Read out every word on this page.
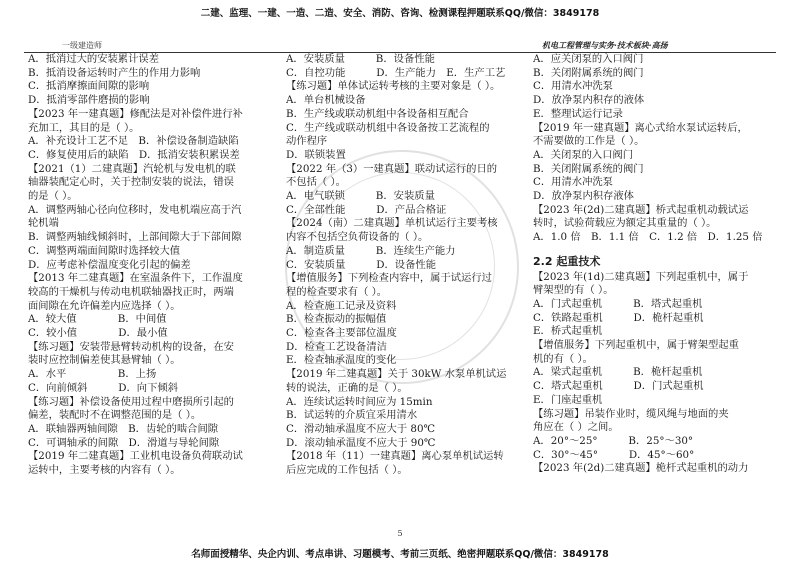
二建、监理、一建、一造、二造、安全、消防、咨询、检测课程押题联系QQ/微信：3849178
一级建造师	机电工程管理与实务·技术板块·高扬
A．抵消过大的安装累计误差
B．抵消设备运转时产生的作用力影响
C．抵消摩擦面间隙的影响
D．抵消零部件磨损的影响
【2023 年一建真题】修配法是对补偿件进行补
充加工，其目的是（ ）。
A．补充设计工艺不足　B．补偿设备制造缺陷
C．修复使用后的缺陷　D．抵消安装积累误差
【2021（1）二建真题】汽轮机与发电机的联
轴器装配定心时，关于控制安装的说法，错误
的是（ ）。
A．调整两轴心径向位移时，发电机端应高于汽
轮机端
B．调整两轴线倾斜时，上部间隙大于下部间隙
C．调整两端面间隙时选择较大值
D．应考虑补偿温度变化引起的偏差
【2013 年二建真题】在室温条件下，工作温度
较高的干燥机与传动电机联轴器找正时，两端
面间隙在允许偏差内应选择（ ）。
A．较大值　　　　B．中间值
C．较小值　　　　D．最小值
【练习题】安装带悬臂转动机构的设备，在安
装时应控制偏差使其悬臂轴（ ）。
A．水平　　　　　B．上扬
C．向前倾斜　　　D．向下倾斜
【练习题】补偿设备使用过程中磨损所引起的
偏差，装配时不在调整范围的是（ ）。
A．联轴器两轴间隙　B．齿轮的啮合间隙
C．可调轴承的间隙　D．滑道与导轮间隙
【2019 年二建真题】工业机电设备负荷联动试
运转中，主要考核的内容有（ ）。
A．安装质量　　　B．设备性能
C．自控功能　　　D．生产能力　E．生产工艺
【练习题】单体试运转考核的主要对象是（ ）。
A．单台机械设备
B．生产线或联动机组中各设备相互配合
C．生产线或联动机组中各设备按工艺流程的
动作程序
D．联锁装置
【2022 年（3）一建真题】联动试运行的日的
不包括（ ）。
A．电气联锁　　　B．安装质量
C．全部性能　　　D．产品合格证
【2024（南）二建真题】单机试运行主要考核
内容不包括空负荷设备的（ ）。
A．制造质量　　　B．连续生产能力
C．安装质量　　　D．设备性能
【增值服务】下列检查内容中，属于试运行过
程的检查要求有（ ）。
A．检查施工记录及资料
B．检查振动的振幅值
C．检查各主要部位温度
D．检查工艺设备清洁
E．检查轴承温度的变化
【2019 年二建真题】关于 30kW 水泵单机试运
转的说法，正确的是（ ）。
A．连续试运转时间应为 15min
B．试运转的介质宜采用清水
C．滑动轴承温度不应大于 80℃
D．滚动轴承温度不应大于 90℃
【2018 年（11）一建真题】离心泵单机试运转
后应完成的工作包括（ ）。
A．应关闭泵的入口阀门
B．关闭附属系统的阀门
C．用清水冲洗泵
D．放净泵内积存的液体
E．整理试运行记录
【2019 年一建真题】离心式给水泵试运转后，
不需要做的工作是（ ）。
A．关闭泵的入口阀门
B．关闭附属系统的阀门
C．用清水冲洗泵
D．放净泵内积存液体
【2023 年(2d)二建真题】桥式起重机动载试运
转时，试验荷载应为额定其重量的（ ）。
A．1.0 倍　B．1.1 倍　C．1.2 倍　D．1.25 倍
2.2 起重技术
【2023 年(1d)二建真题】下列起重机中，属于
臂架型的有（ ）。
A．门式起重机　　　B．塔式起重机
C．铁路起重机　　　D．桅杆起重机
E．桥式起重机
【增值服务】下列起重机中，属于臂架型起重
机的有（ ）。
A．梁式起重机　　　B．桅杆起重机
C．塔式起重机　　　D．门式起重机
E．门座起重机
【练习题】吊装作业时，缆风绳与地面的夹
角应在（ ）之间。
A．20°～25°　　　B．25°～30°
C．30°～45°　　　D．45°～60°
【2023 年(2d)二建真题】桅杆式起重机的动力
5
名师面授精华、央企内训、考点串讲、习题模考、考前三页纸、绝密押题联系QQ/微信：3849178
